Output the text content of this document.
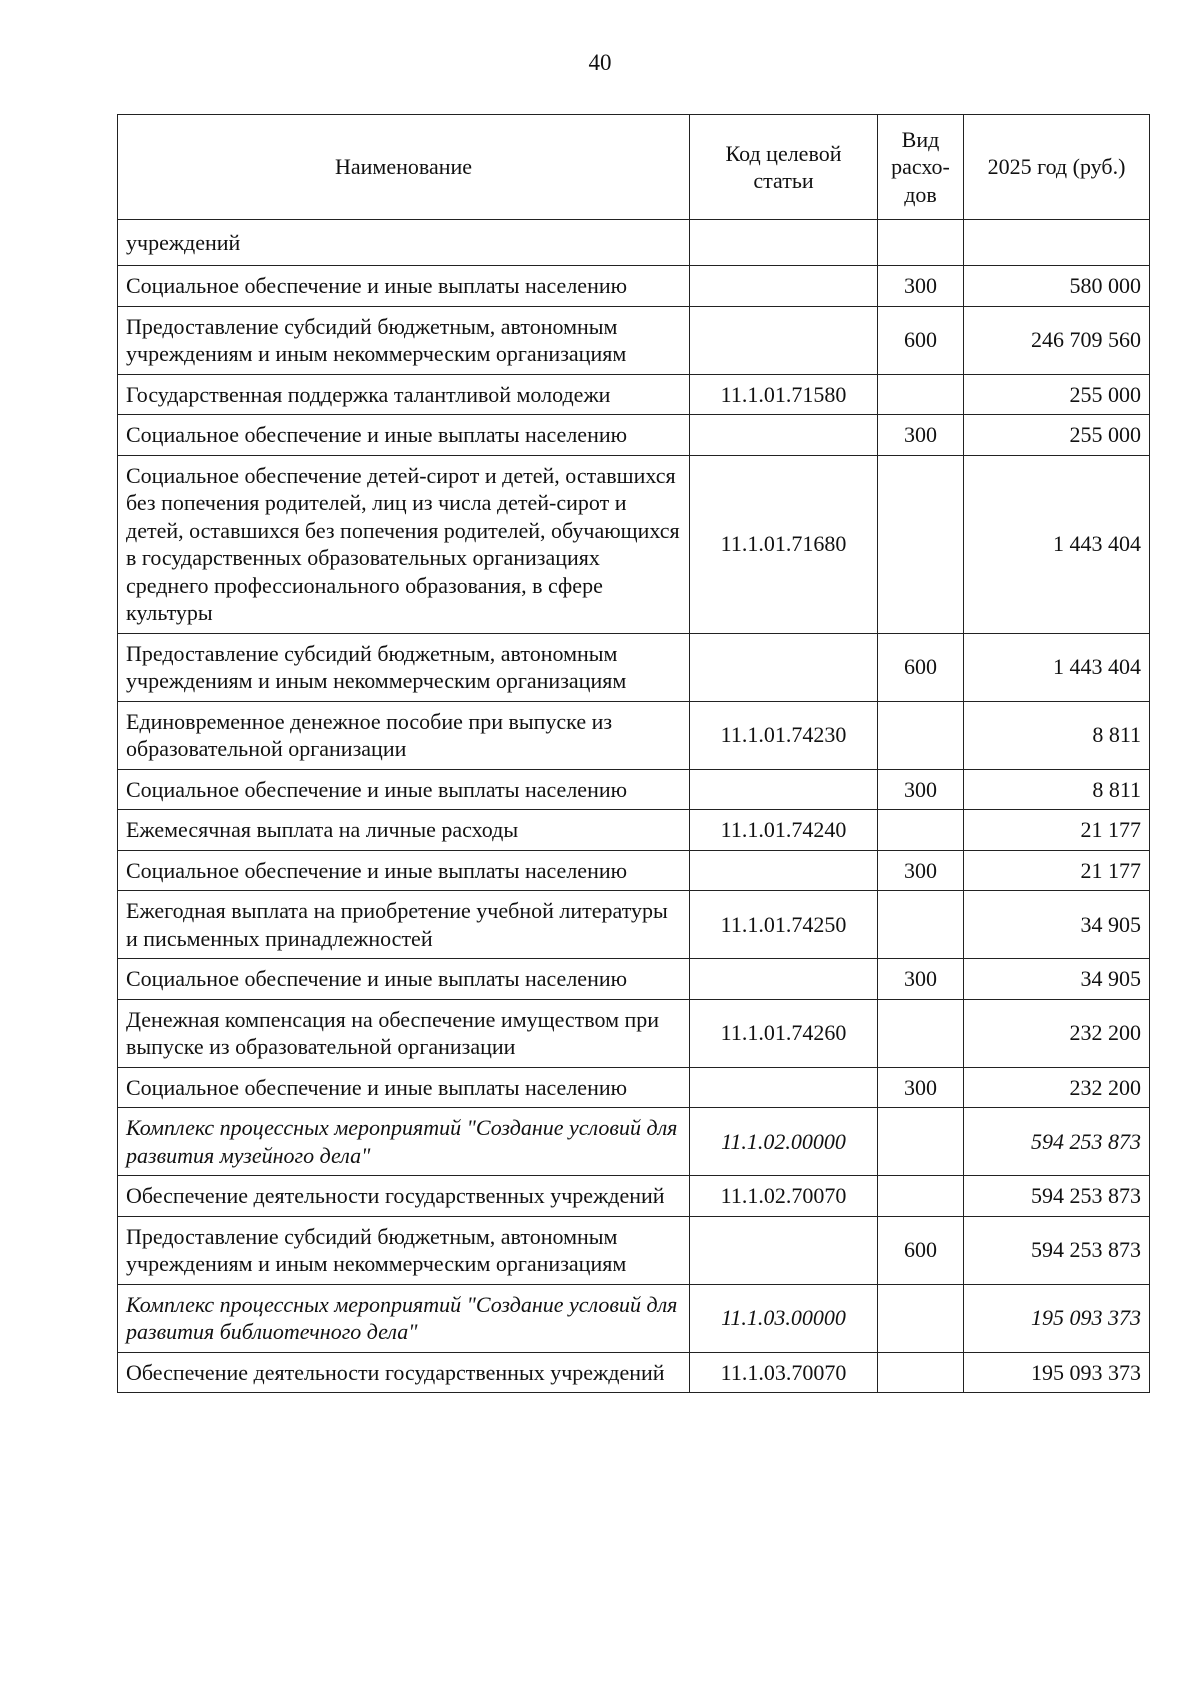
40
Наименование	Код целевой статьи	Вид расхо-дов	2025 год (руб.)
учреждений			
Социальное обеспечение и иные выплаты населению		300	580 000
Предоставление субсидий бюджетным, автономным учреждениям и иным некоммерческим организациям		600	246 709 560
Государственная поддержка талантливой молодежи	11.1.01.71580		255 000
Социальное обеспечение и иные выплаты населению		300	255 000
Социальное обеспечение детей-сирот и детей, оставшихся без попечения родителей, лиц из числа детей-сирот и детей, оставшихся без попечения родителей, обучающихся в государственных образовательных организациях среднего профессионального образования, в сфере культуры	11.1.01.71680		1 443 404
Предоставление субсидий бюджетным, автономным учреждениям и иным некоммерческим организациям		600	1 443 404
Единовременное денежное пособие при выпуске из образовательной организации	11.1.01.74230		8 811
Социальное обеспечение и иные выплаты населению		300	8 811
Ежемесячная выплата на личные расходы	11.1.01.74240		21 177
Социальное обеспечение и иные выплаты населению		300	21 177
Ежегодная выплата на приобретение учебной литературы и письменных принадлежностей	11.1.01.74250		34 905
Социальное обеспечение и иные выплаты населению		300	34 905
Денежная компенсация на обеспечение имуществом при выпуске из образовательной организации	11.1.01.74260		232 200
Социальное обеспечение и иные выплаты населению		300	232 200
Комплекс процессных мероприятий "Создание условий для развития музейного дела"	11.1.02.00000		594 253 873
Обеспечение деятельности государственных учреждений	11.1.02.70070		594 253 873
Предоставление субсидий бюджетным, автономным учреждениям и иным некоммерческим организациям		600	594 253 873
Комплекс процессных мероприятий "Создание условий для развития библиотечного дела"	11.1.03.00000		195 093 373
Обеспечение деятельности государственных учреждений	11.1.03.70070		195 093 373
